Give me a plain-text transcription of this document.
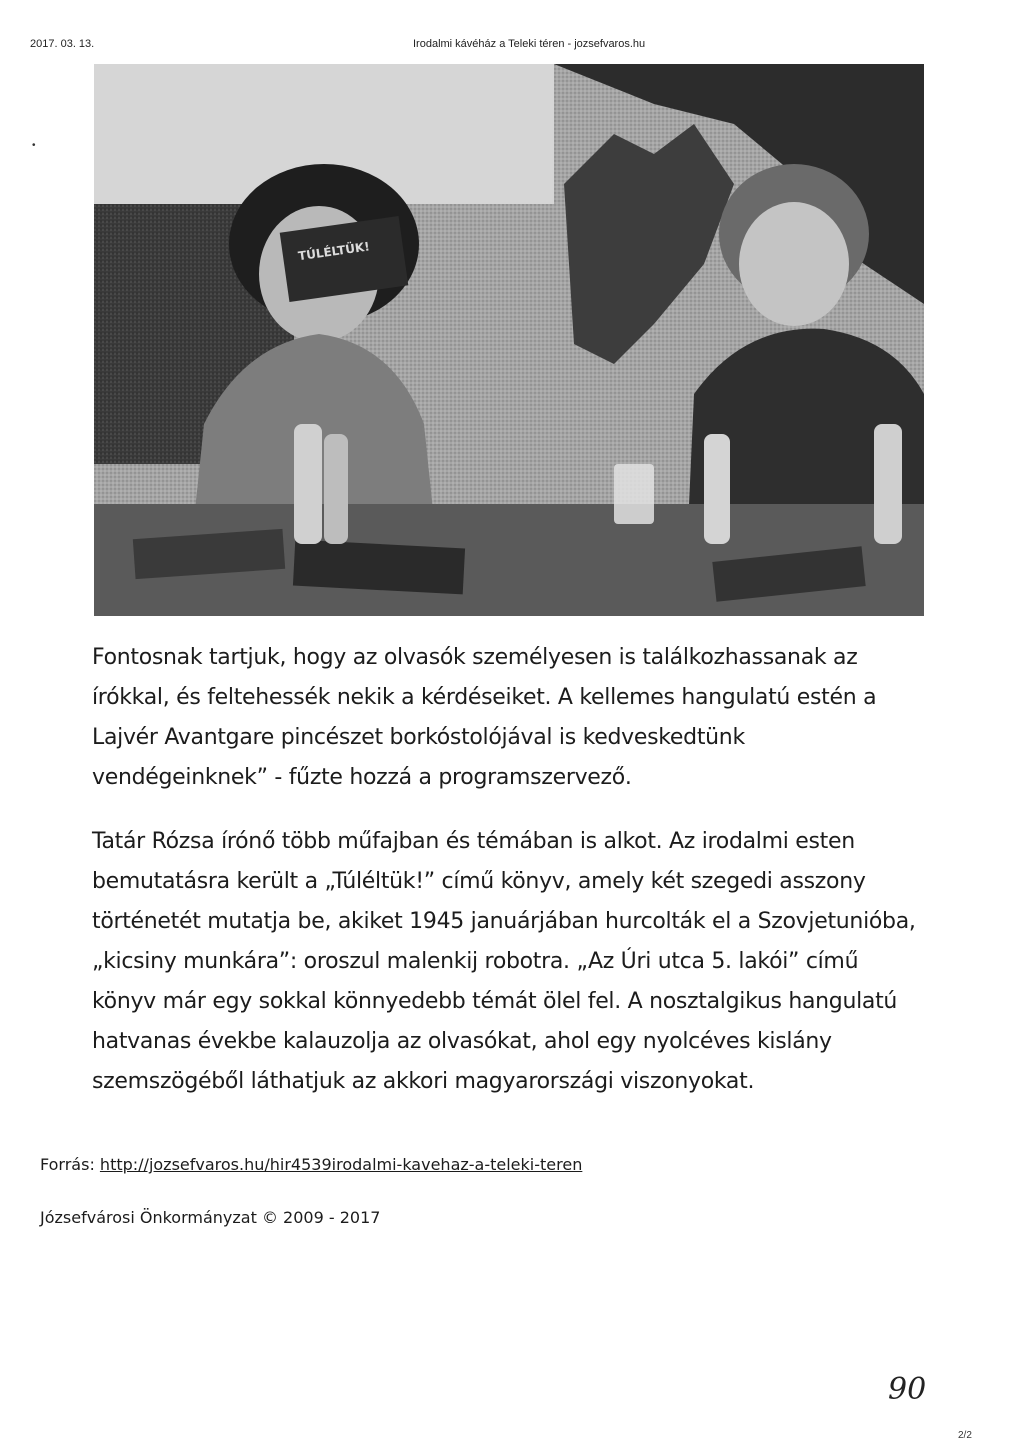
2017. 03. 13.	Irodalmi kávéház a Teleki téren - jozsefvaros.hu
•
TÚLÉLTÜK!

Fontosnak tartjuk, hogy az olvasók személyesen is találkozhassanak az írókkal, és feltehessék nekik a kérdéseiket. A kellemes hangulatú estén a Lajvér Avantgare pincészet borkóstolójával is kedveskedtünk vendégeinknek” - fűzte hozzá a programszervező.

Tatár Rózsa írónő több műfajban és témában is alkot. Az irodalmi esten bemutatásra került a „Túléltük!” című könyv, amely két szegedi asszony történetét mutatja be, akiket 1945 januárjában hurcolták el a Szovjetunióba, „kicsiny munkára”: oroszul malenkij robotra. „Az Úri utca 5. lakói” című könyv már egy sokkal könnyedebb témát ölel fel. A nosztalgikus hangulatú hatvanas évekbe kalauzolja az olvasókat, ahol egy nyolcéves kislány szemszögéből láthatjuk az akkori magyarországi viszonyokat.

Forrás: http://jozsefvaros.hu/hir4539irodalmi-kavehaz-a-teleki-teren

Józsefvárosi Önkormányzat © 2009 - 2017

90
2/2
